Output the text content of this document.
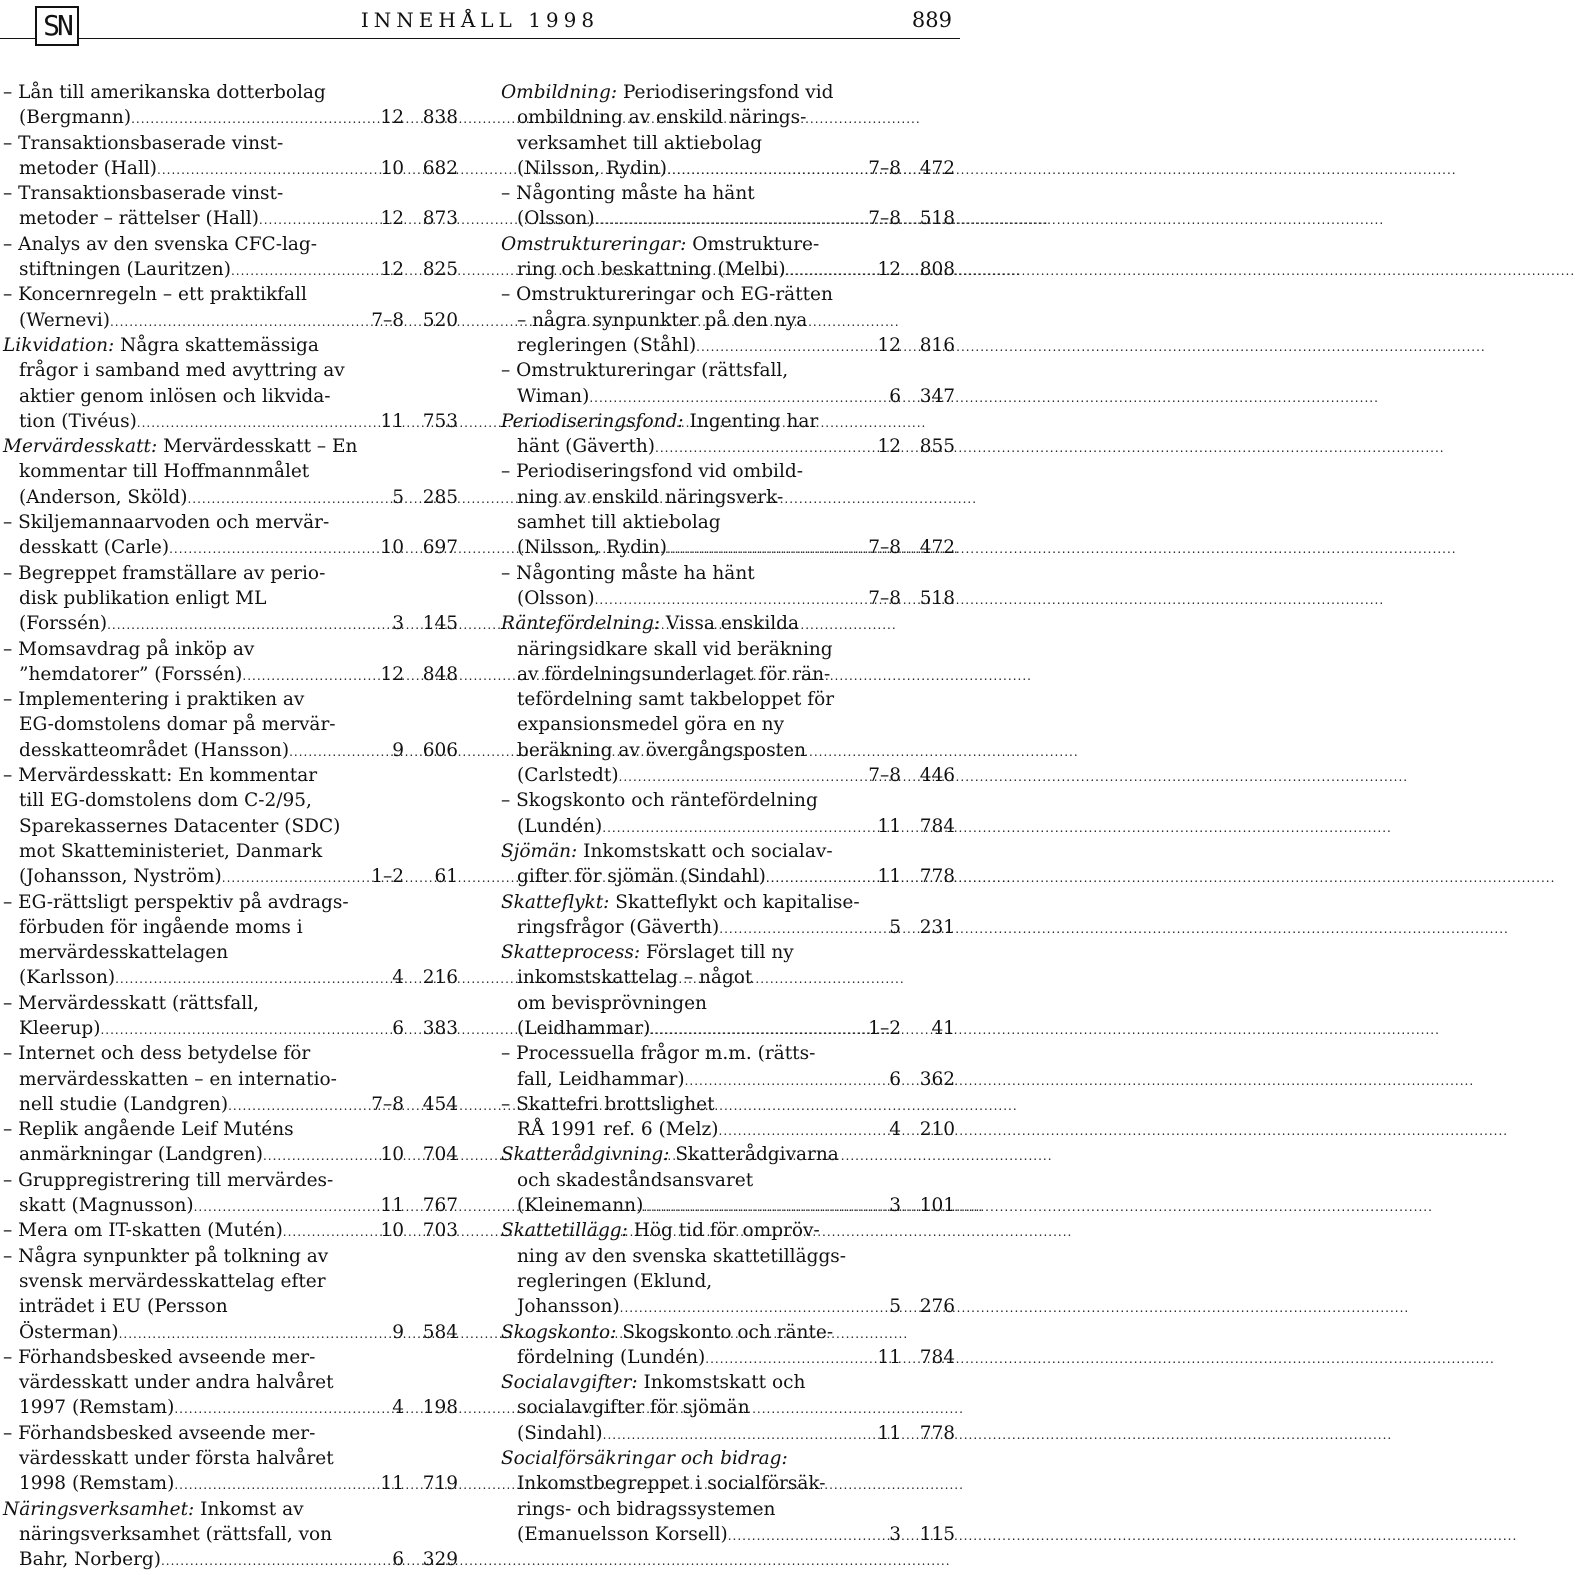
SN	INNEHÅLL 1998	889
– Lån till amerikanska dotterbolag
(Bergmann) .....	12	838
– Transaktionsbaserade vinst-
metoder (Hall) .....	10	682
– Transaktionsbaserade vinst-
metoder – rättelser (Hall) .....	12	873
– Analys av den svenska CFC-lag-
stiftningen (Lauritzen) .....	12	825
– Koncernregeln – ett praktikfall
(Wernevi) .....	7–8	520
Likvidation: Några skattemässiga
frågor i samband med avyttring av
aktier genom inlösen och likvida-
tion (Tivéus) .....	11	753
Mervärdesskatt: Mervärdesskatt – En
kommentar till Hoffmannmålet
(Anderson, Sköld) .....	5	285
– Skiljemannaarvoden och mervär-
desskatt (Carle) .....	10	697
– Begreppet framställare av perio-
disk publikation enligt ML
(Forssén) .....	3	145
– Momsavdrag på inköp av
”hemdatorer” (Forssén) .....	12	848
– Implementering i praktiken av
EG-domstolens domar på mervär-
desskatteområdet (Hansson) .....	9	606
– Mervärdesskatt: En kommentar
till EG-domstolens dom C-2/95,
Sparekassernes Datacenter (SDC)
mot Skatteministeriet, Danmark
(Johansson, Nyström) .....	1–2	61
– EG-rättsligt perspektiv på avdrags-
förbuden för ingående moms i
mervärdesskattelagen
(Karlsson) .....	4	216
– Mervärdesskatt (rättsfall,
Kleerup) .....	6	383
– Internet och dess betydelse för
mervärdesskatten – en internatio-
nell studie (Landgren) .....	7–8	454
– Replik angående Leif Muténs
anmärkningar (Landgren) .....	10	704
– Gruppregistrering till mervärdes-
skatt (Magnusson) .....	11	767
– Mera om IT-skatten (Mutén) .....	10	703
– Några synpunkter på tolkning av
svensk mervärdesskattelag efter
inträdet i EU (Persson
Österman) .....	9	584
– Förhandsbesked avseende mer-
värdesskatt under andra halvåret
1997 (Remstam) .....	4	198
– Förhandsbesked avseende mer-
värdesskatt under första halvåret
1998 (Remstam) .....	11	719
Näringsverksamhet: Inkomst av
näringsverksamhet (rättsfall, von
Bahr, Norberg) .....	6	329
Ombildning: Periodiseringsfond vid
ombildning av enskild närings-
verksamhet till aktiebolag
(Nilsson, Rydin) .....	7–8	472
– Någonting måste ha hänt
(Olsson) .....	7–8	518
Omstruktureringar: Omstrukture-
ring och beskattning (Melbi) .....	12	808
– Omstruktureringar och EG-rätten
– några synpunkter på den nya
regleringen (Ståhl) .....	12	816
– Omstruktureringar (rättsfall,
Wiman) .....	6	347
Periodiseringsfond: Ingenting har
hänt (Gäverth) .....	12	855
– Periodiseringsfond vid ombild-
ning av enskild näringsverk-
samhet till aktiebolag
(Nilsson, Rydin) .....	7–8	472
– Någonting måste ha hänt
(Olsson) .....	7–8	518
Räntefördelning: Vissa enskilda
näringsidkare skall vid beräkning
av fördelningsunderlaget för rän-
tefördelning samt takbeloppet för
expansionsmedel göra en ny
beräkning av övergångsposten
(Carlstedt) .....	7–8	446
– Skogskonto och räntefördelning
(Lundén) .....	11	784
Sjömän: Inkomstskatt och socialav-
gifter för sjömän (Sindahl) .....	11	778
Skatteflykt: Skatteflykt och kapitalise-
ringsfrågor (Gäverth) .....	5	231
Skatteprocess: Förslaget till ny
inkomstskattelag – något
om bevisprövningen
(Leidhammar) .....	1–2	41
– Processuella frågor m.m. (rätts-
fall, Leidhammar) .....	6	362
– Skattefri brottslighet
RÅ 1991 ref. 6 (Melz) .....	4	210
Skatterådgivning: Skatterådgivarna
och skadeståndsansvaret
(Kleinemann) .....	3	101
Skattetillägg: Hög tid för ompröv-
ning av den svenska skattetilläggs-
regleringen (Eklund,
Johansson) .....	5	276
Skogskonto: Skogskonto och ränte-
fördelning (Lundén) .....	11	784
Socialavgifter: Inkomstskatt och
socialavgifter för sjömän
(Sindahl) .....	11	778
Socialförsäkringar och bidrag:
Inkomstbegreppet i socialförsäk-
rings- och bidragssystemen
(Emanuelsson Korsell) .....	3	115
